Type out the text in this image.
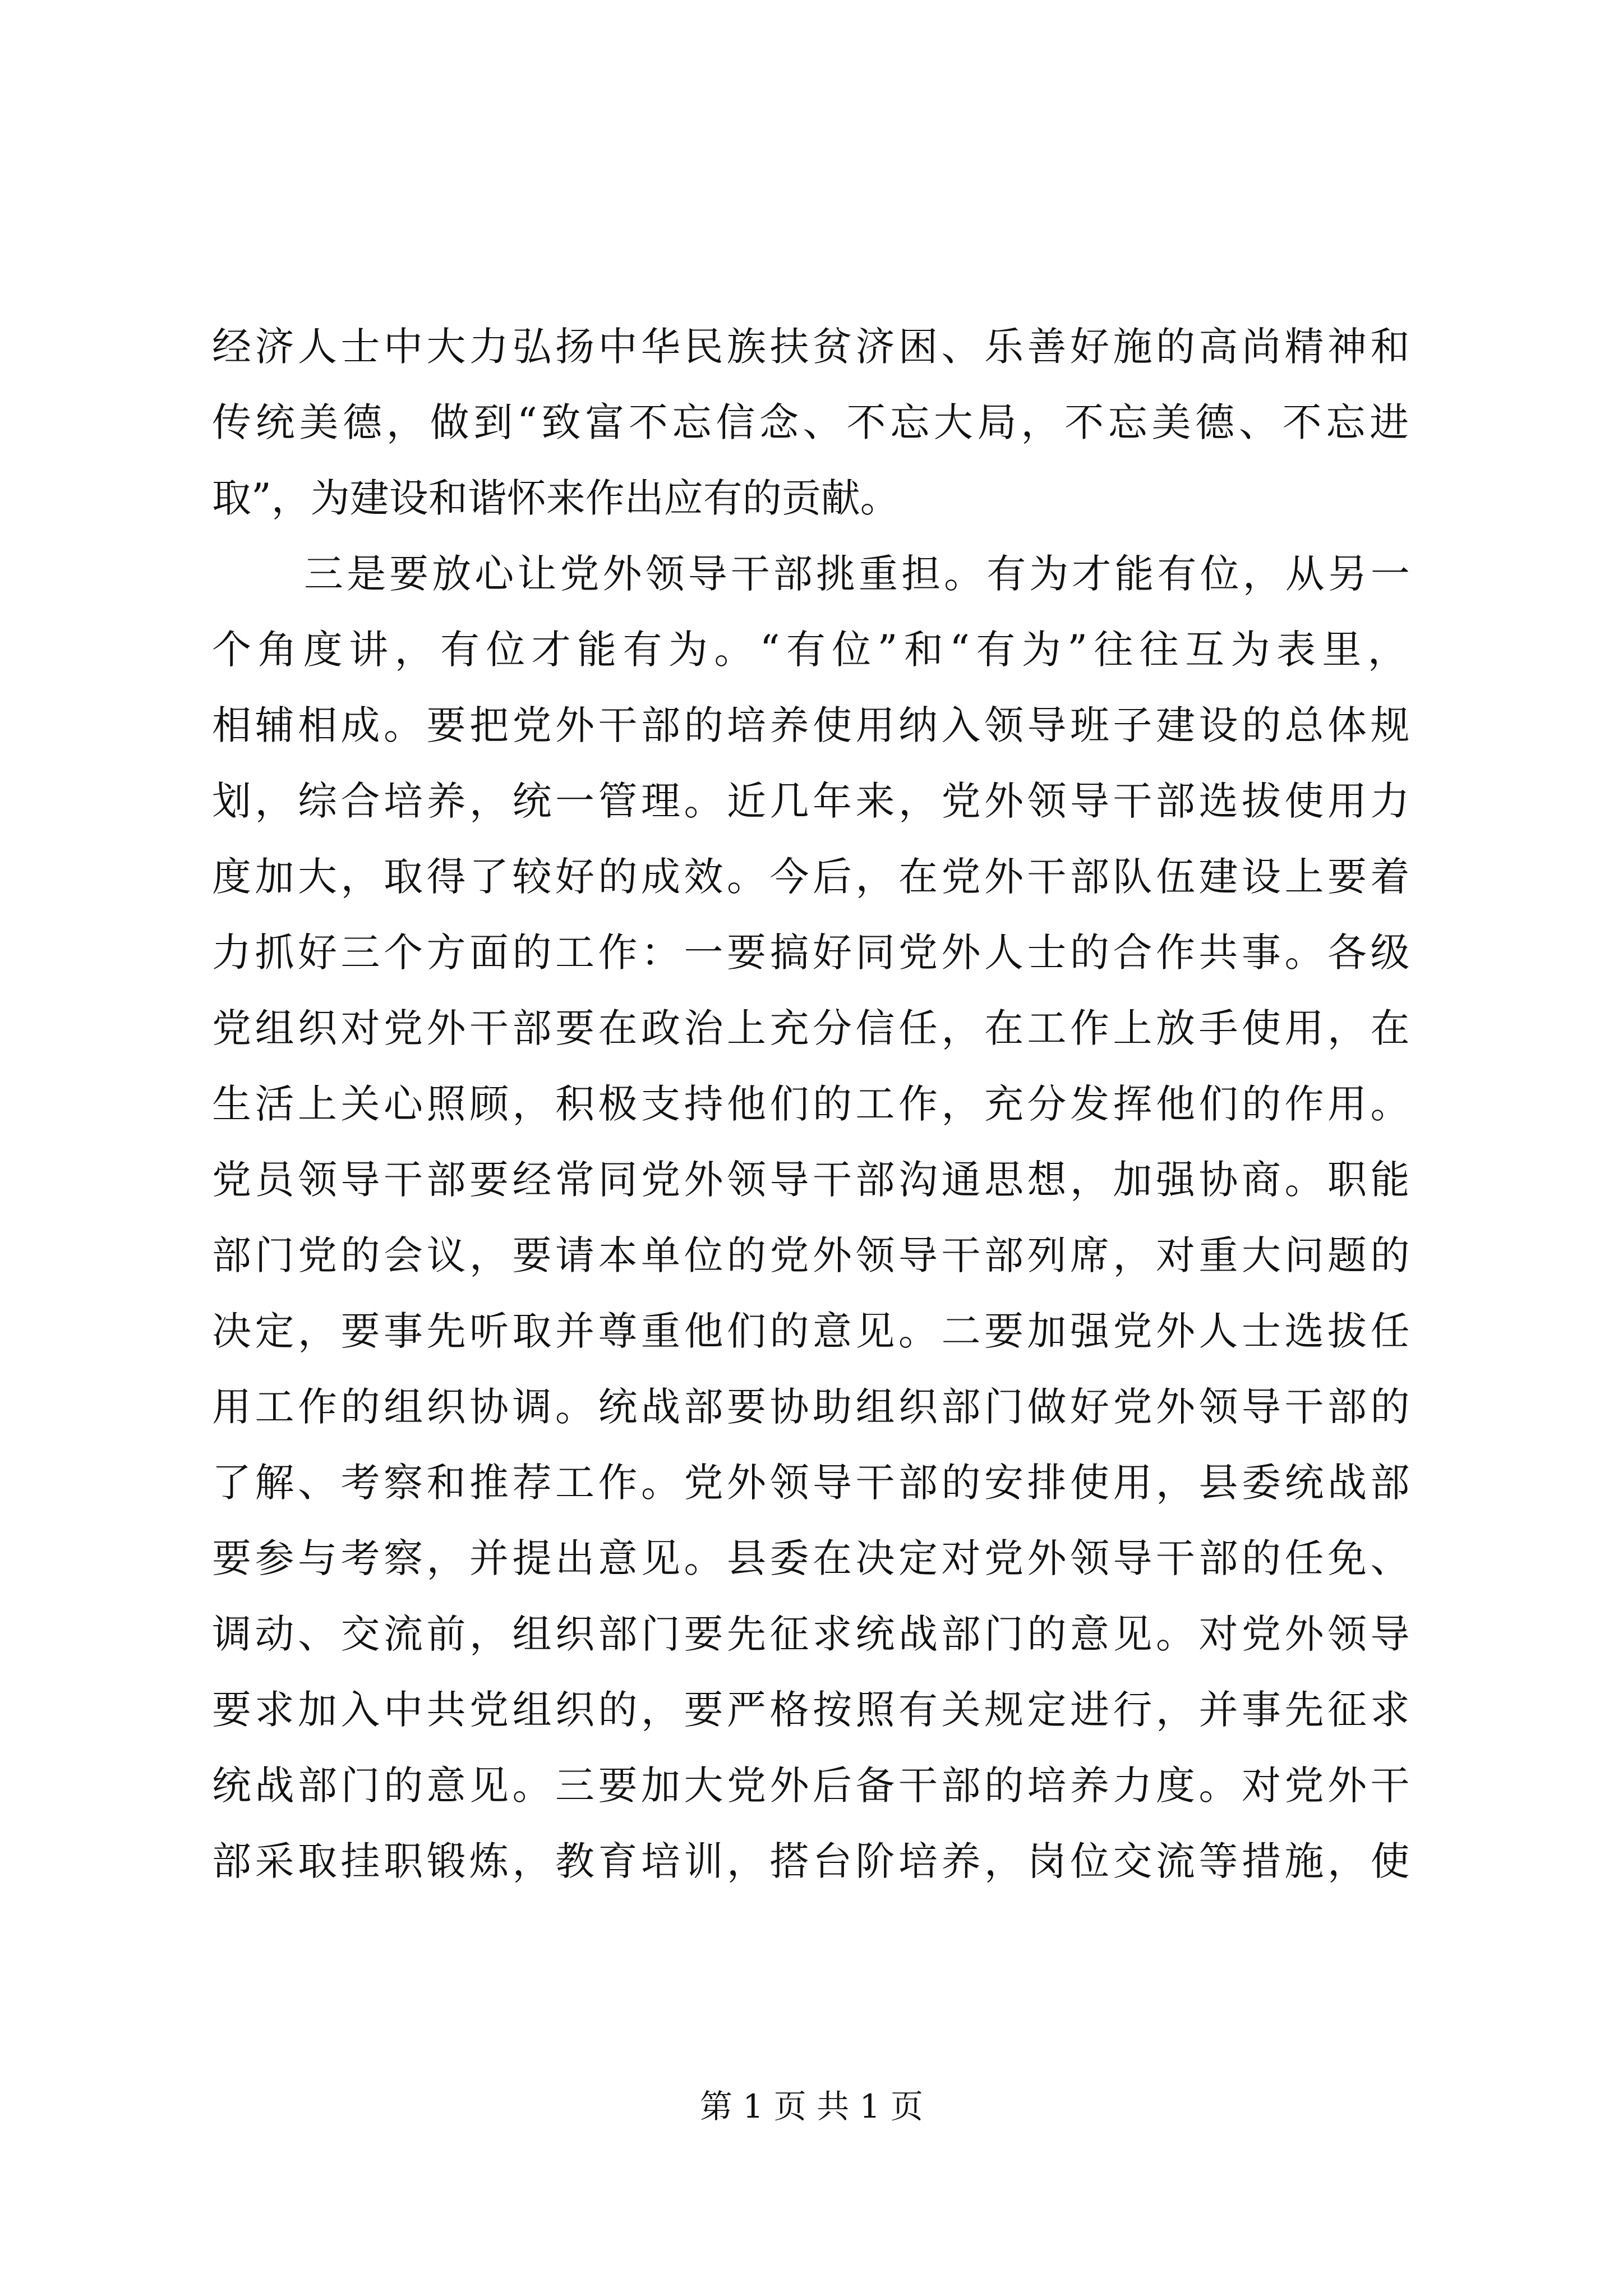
经济人士中大力弘扬中华民族扶贫济困、乐善好施的高尚精神和
传统美德，做到“致富不忘信念、不忘大局，不忘美德、不忘进
取”，为建设和谐怀来作出应有的贡献。
三是要放心让党外领导干部挑重担。有为才能有位，从另一
个角度讲，有位才能有为。“有位”和“有为”往往互为表里，
相辅相成。要把党外干部的培养使用纳入领导班子建设的总体规
划，综合培养，统一管理。近几年来，党外领导干部选拔使用力
度加大，取得了较好的成效。今后，在党外干部队伍建设上要着
力抓好三个方面的工作：一要搞好同党外人士的合作共事。各级
党组织对党外干部要在政治上充分信任，在工作上放手使用，在
生活上关心照顾，积极支持他们的工作，充分发挥他们的作用。
党员领导干部要经常同党外领导干部沟通思想，加强协商。职能
部门党的会议，要请本单位的党外领导干部列席，对重大问题的
决定，要事先听取并尊重他们的意见。二要加强党外人士选拔任
用工作的组织协调。统战部要协助组织部门做好党外领导干部的
了解、考察和推荐工作。党外领导干部的安排使用，县委统战部
要参与考察，并提出意见。县委在决定对党外领导干部的任免、
调动、交流前，组织部门要先征求统战部门的意见。对党外领导
要求加入中共党组织的，要严格按照有关规定进行，并事先征求
统战部门的意见。三要加大党外后备干部的培养力度。对党外干
部采取挂职锻炼，教育培训，搭台阶培养，岗位交流等措施，使
第 1 页 共 1 页
